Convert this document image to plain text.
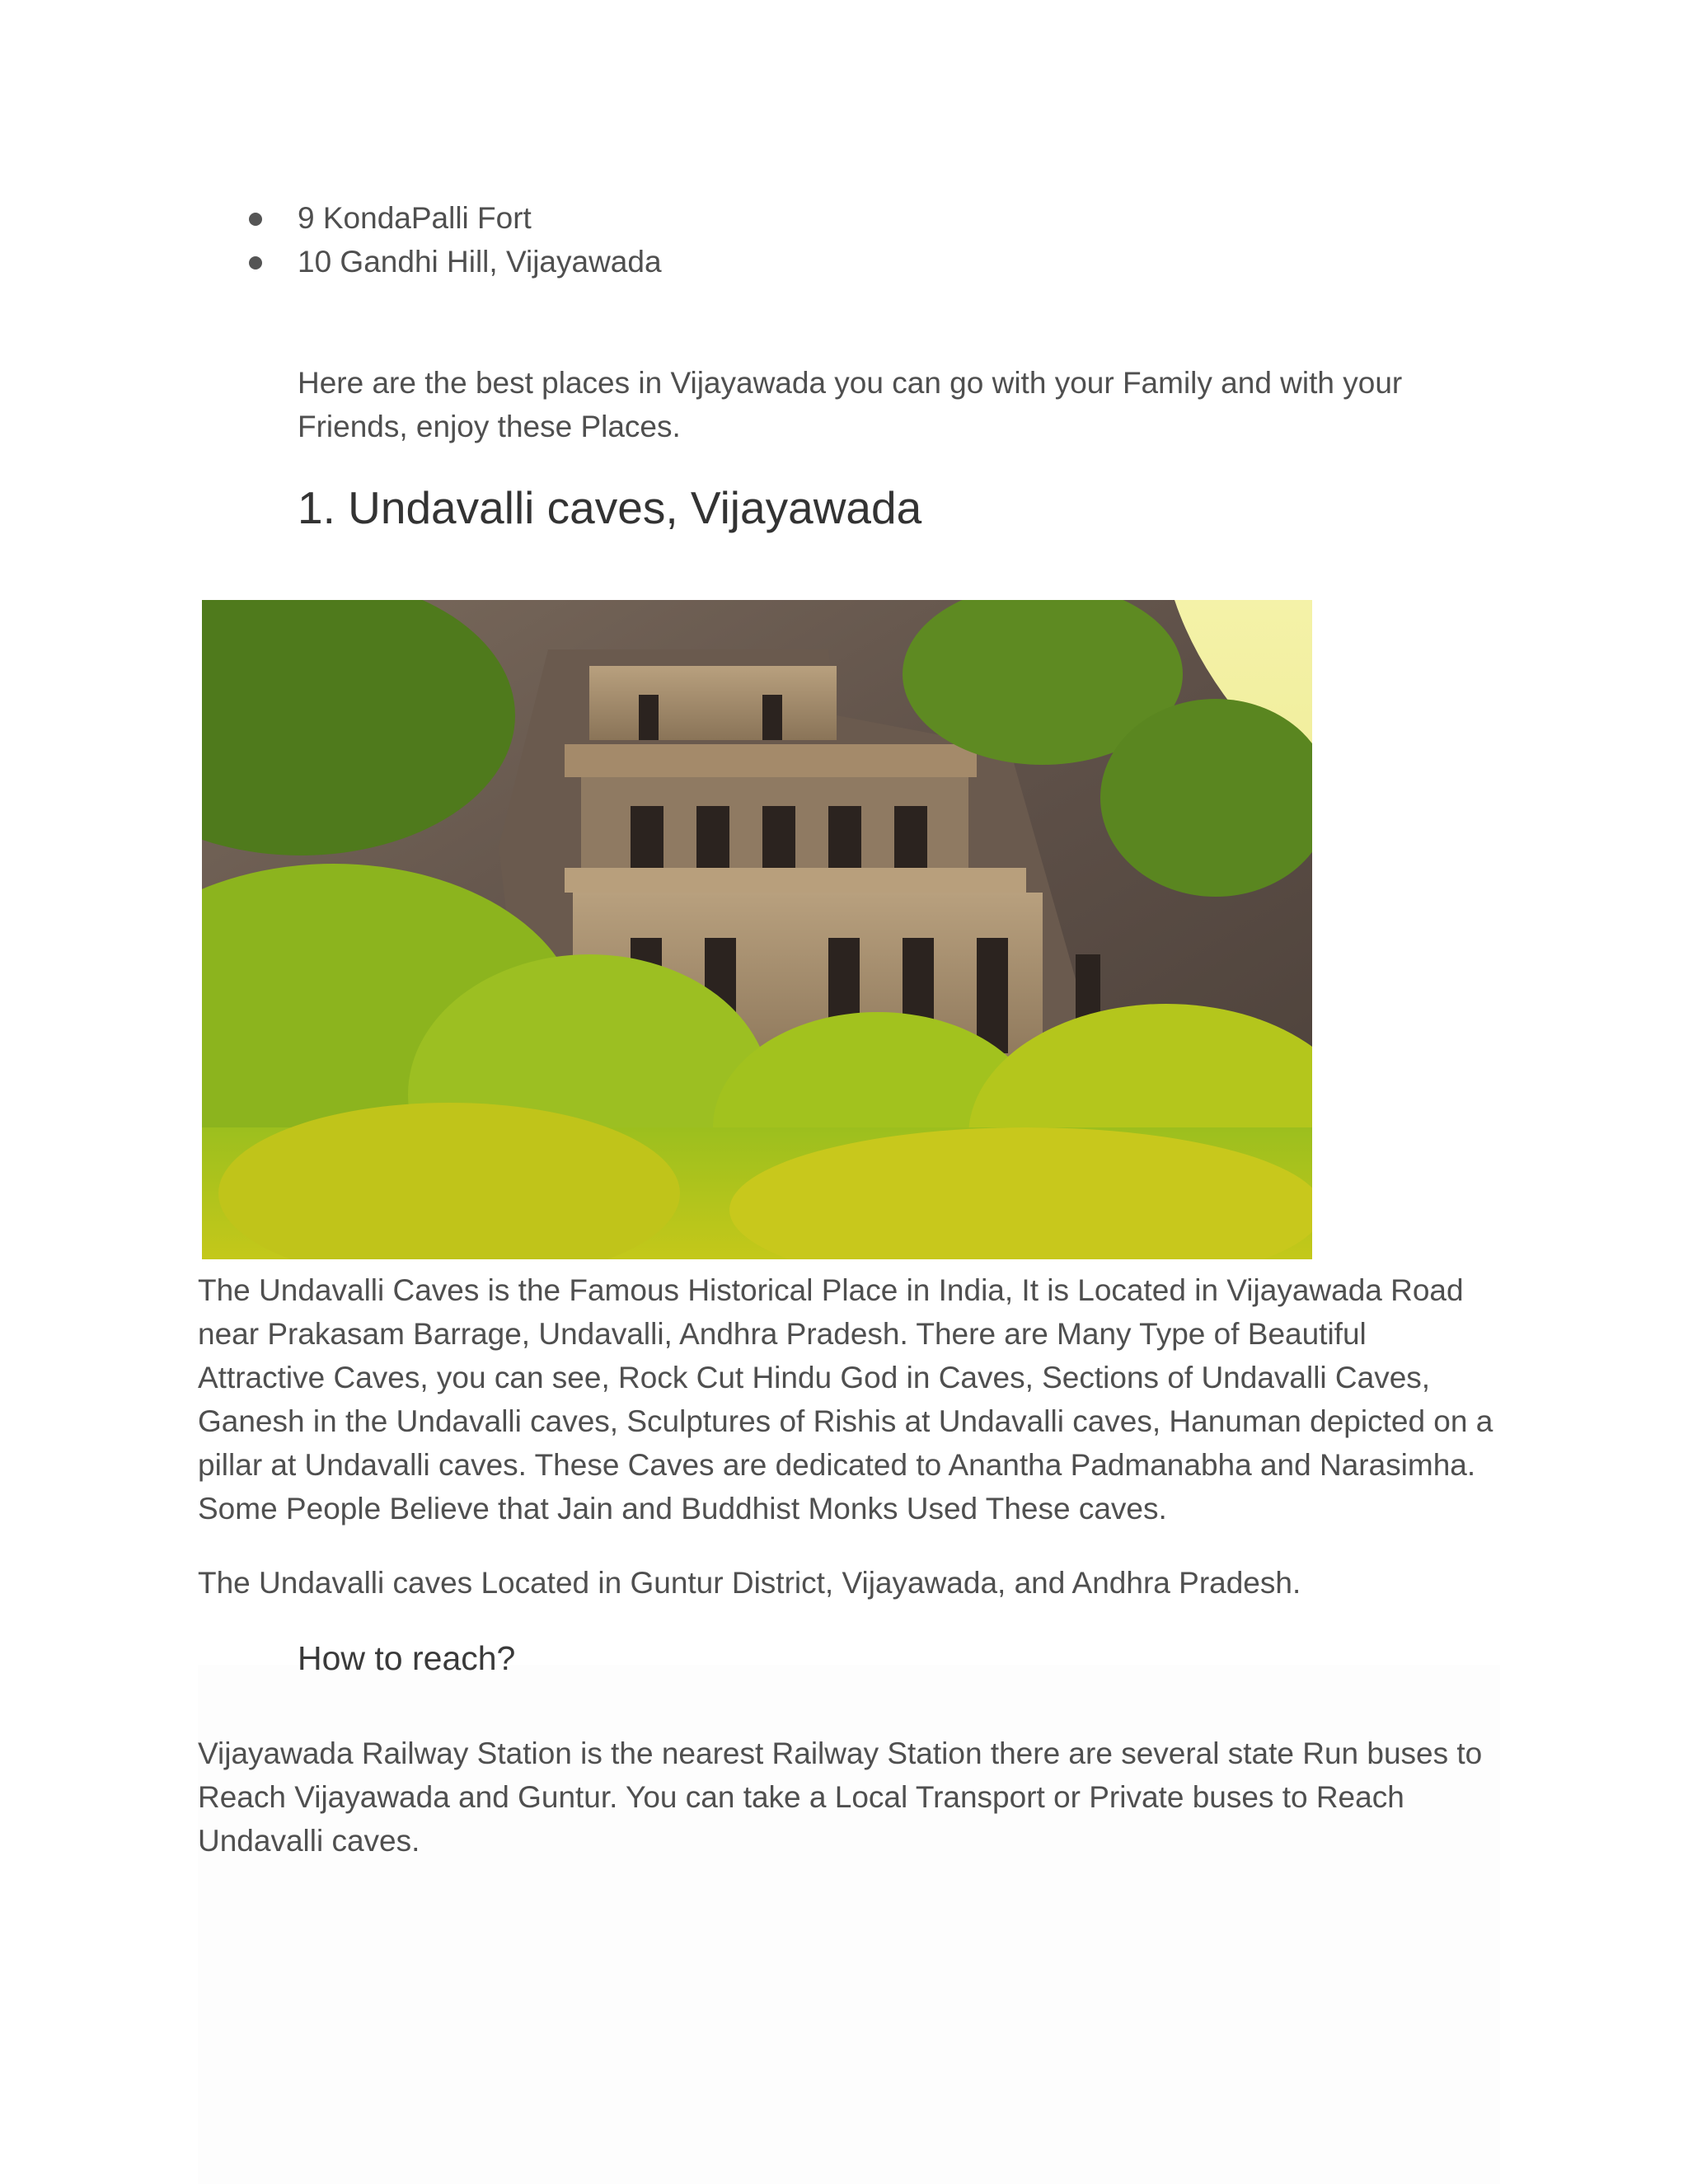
9 KondaPalli Fort
10 Gandhi Hill, Vijayawada

Here are the best places in Vijayawada you can go with your Family and with your Friends, enjoy these Places.

1. Undavalli caves, Vijayawada

The Undavalli Caves is the Famous Historical Place in India, It is Located in Vijayawada Road near Prakasam Barrage, Undavalli, Andhra Pradesh. There are Many Type of Beautiful Attractive Caves, you can see, Rock Cut Hindu God in Caves, Sections of Undavalli Caves, Ganesh in the Undavalli caves, Sculptures of Rishis at Undavalli caves, Hanuman depicted on a pillar at Undavalli caves. These Caves are dedicated to Anantha Padmanabha and Narasimha. Some People Believe that Jain and Buddhist Monks Used These caves.

The Undavalli caves Located in Guntur District, Vijayawada, and Andhra Pradesh.

How to reach?

Vijayawada Railway Station is the nearest Railway Station there are several state Run buses to Reach Vijayawada and Guntur. You can take a Local Transport or Private buses to Reach Undavalli caves.
